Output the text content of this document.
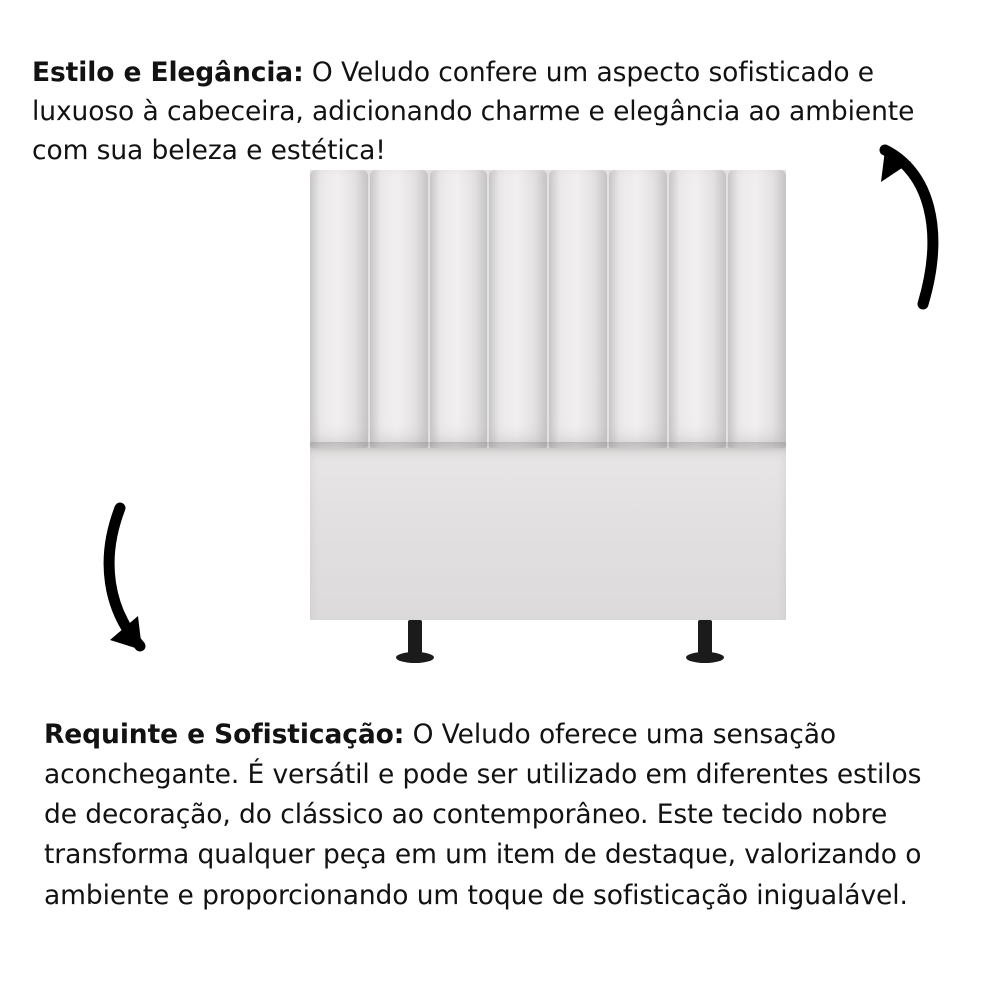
Estilo e Elegância: O Veludo confere um aspecto sofisticado e luxuoso à cabeceira, adicionando charme e elegância ao ambiente com sua beleza e estética!

Requinte e Sofisticação: O Veludo oferece uma sensação aconchegante. É versátil e pode ser utilizado em diferentes estilos de decoração, do clássico ao contemporâneo. Este tecido nobre transforma qualquer peça em um item de destaque, valorizando o ambiente e proporcionando um toque de sofisticação inigualável.
